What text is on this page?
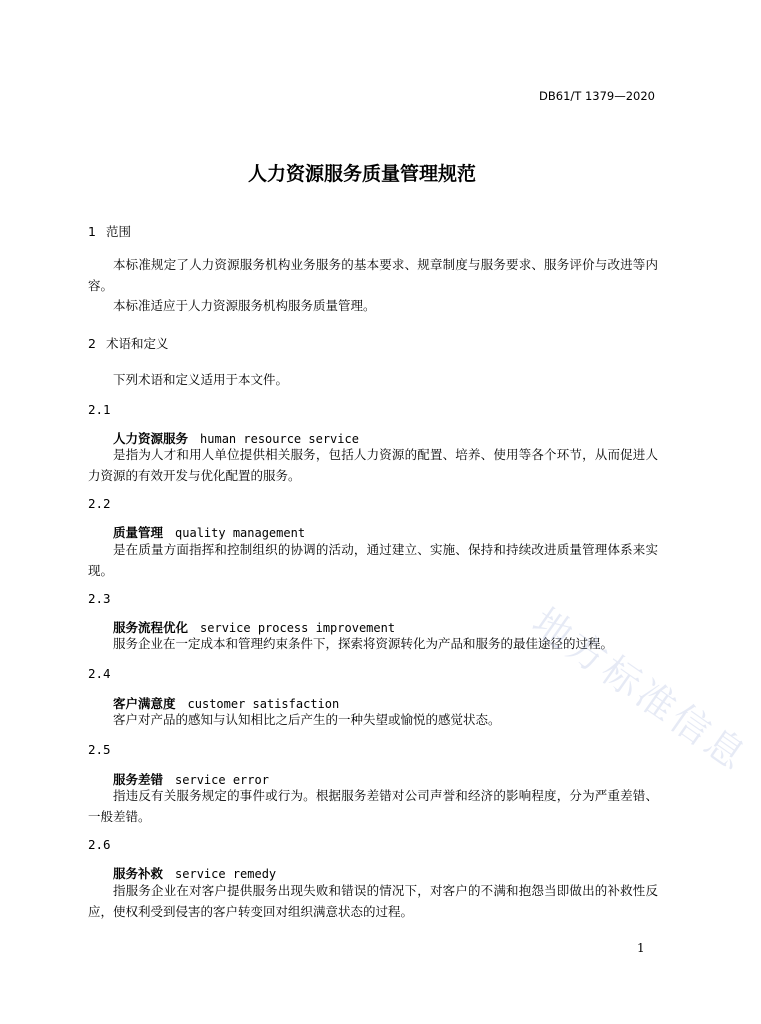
DB61/T 1379—2020
人力资源服务质量管理规范
1 范围
本标准规定了人力资源服务机构业务服务的基本要求、规章制度与服务要求、服务评价与改进等内容。
本标准适应于人力资源服务机构服务质量管理。
2 术语和定义
下列术语和定义适用于本文件。
2.1
人力资源服务 human resource service
是指为人才和用人单位提供相关服务，包括人力资源的配置、培养、使用等各个环节，从而促进人力资源的有效开发与优化配置的服务。
2.2
质量管理 quality management
是在质量方面指挥和控制组织的协调的活动，通过建立、实施、保持和持续改进质量管理体系来实现。
2.3
服务流程优化 service process improvement
服务企业在一定成本和管理约束条件下，探索将资源转化为产品和服务的最佳途径的过程。
2.4
客户满意度 customer satisfaction
客户对产品的感知与认知相比之后产生的一种失望或愉悦的感觉状态。
2.5
服务差错 service error
指违反有关服务规定的事件或行为。根据服务差错对公司声誉和经济的影响程度，分为严重差错、一般差错。
2.6
服务补救 service remedy
指服务企业在对客户提供服务出现失败和错误的情况下，对客户的不满和抱怨当即做出的补救性反应，使权利受到侵害的客户转变回对组织满意状态的过程。
1
地方标准信息
